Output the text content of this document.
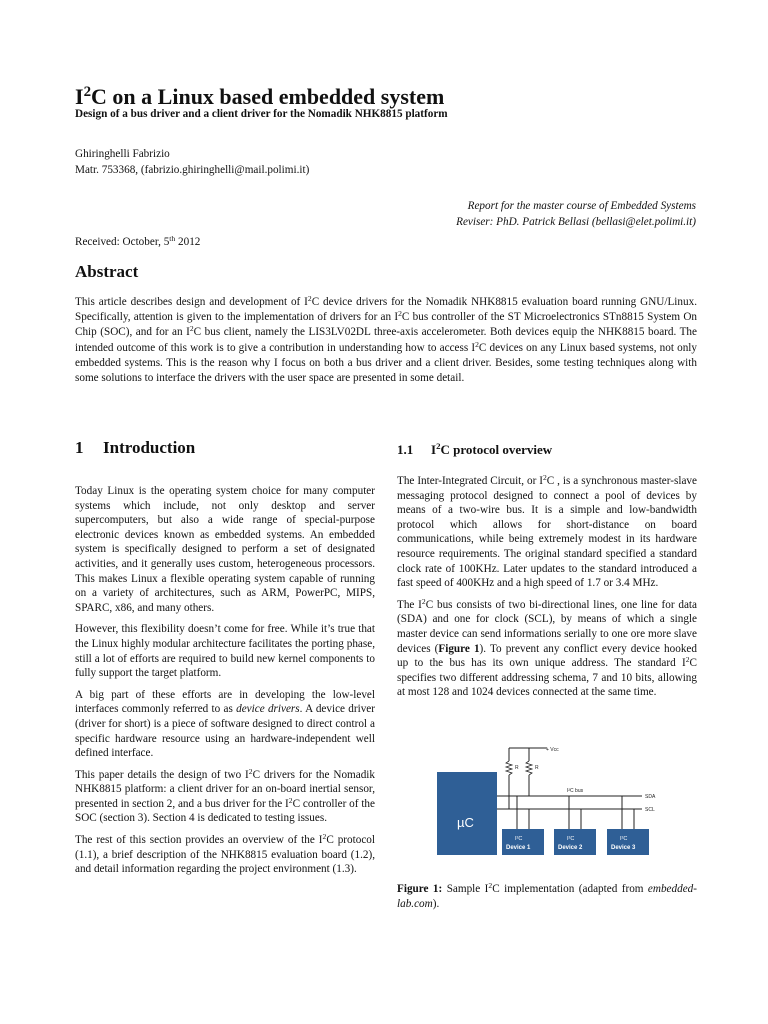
$I^2C$ on a Linux based embedded system
Design of a bus driver and a client driver for the Nomadik NHK8815 platform
Ghiringhelli Fabrizio
Matr. 753368, (fabrizio.ghiringhelli@mail.polimi.it)
Report for the master course of Embedded Systems
Reviser: PhD. Patrick Bellasi (bellasi@elet.polimi.it)
Received: October, 5th 2012
Abstract
This article describes design and development of $I^2C$ device drivers for the Nomadik NHK8815 evaluation board running GNU/Linux. Specifically, attention is given to the implementation of drivers for an $I^2C$ bus controller of the ST Microelectronics STn8815 System On Chip (SOC), and for an $I^2C$ bus client, namely the LIS3LV02DL three-axis accelerometer. Both devices equip the NHK8815 board. The intended outcome of this work is to give a contribution in understanding how to access $I^2C$ devices on any Linux based systems, not only embedded systems. This is the reason why I focus on both a bus driver and a client driver. Besides, some testing techniques along with some solutions to interface the drivers with the user space are presented in some detail.
1 Introduction	1.1 $I^2C$ protocol overview

Today Linux is the operating system choice for many computer systems which include, not only desktop and server supercomputers, but also a wide range of special-purpose electronic devices known as embedded systems. An embedded system is specifically designed to perform a set of designated activities, and it generally uses custom, heterogeneous processors. This makes Linux a flexible operating system capable of running on a variety of architectures, such as ARM, PowerPC, MIPS, SPARC, x86, and many others.

However, this flexibility doesn’t come for free. While it’s true that the Linux highly modular architecture facilitates the porting phase, still a lot of efforts are required to build new kernel components to fully support the target platform.

A big part of these efforts are in developing the low-level interfaces commonly referred to as device drivers. A device driver (driver for short) is a piece of software designed to direct control a specific hardware resource using an hardware-independent well defined interface.

This paper details the design of two $I^2C$ drivers for the Nomadik NHK8815 platform: a client driver for an on-board inertial sensor, presented in section 2, and a bus driver for the $I^2C$ controller of the SOC (section 3). Section 4 is dedicated to testing issues.

The rest of this section provides an overview of the $I^2C$ protocol (1.1), a brief description of the NHK8815 evaluation board (1.2), and detail information regarding the project environment (1.3).

The Inter-Integrated Circuit, or $I^2C$ , is a synchronous master-slave messaging protocol designed to connect a pool of devices by means of a two-wire bus. It is a simple and low-bandwidth protocol which allows for short-distance on board communications, while being extremely modest in its hardware resource requirements. The original standard specified a standard clock rate of 100KHz. Later updates to the standard introduced a fast speed of 400KHz and a high speed of 1.7 or 3.4 MHz.

The $I^2C$ bus consists of two bi-directional lines, one line for data (SDA) and one for clock (SCL), by means of which a single master device can send informations serially to one ore more slave devices (Figure 1). To prevent any conflict every device hooked up to the bus has its own unique address. The standard $I^2C$ specifies two different addressing schema, 7 and 10 bits, allowing at most 128 and 1024 devices connected at the same time.

µC
+ Vcc
R	R
I²C bus
SDA
SCL
I²C	I²C	I²C
Device 1	Device 2	Device 3
Figure 1: Sample $I^2C$ implementation (adapted from embedded-lab.com).
